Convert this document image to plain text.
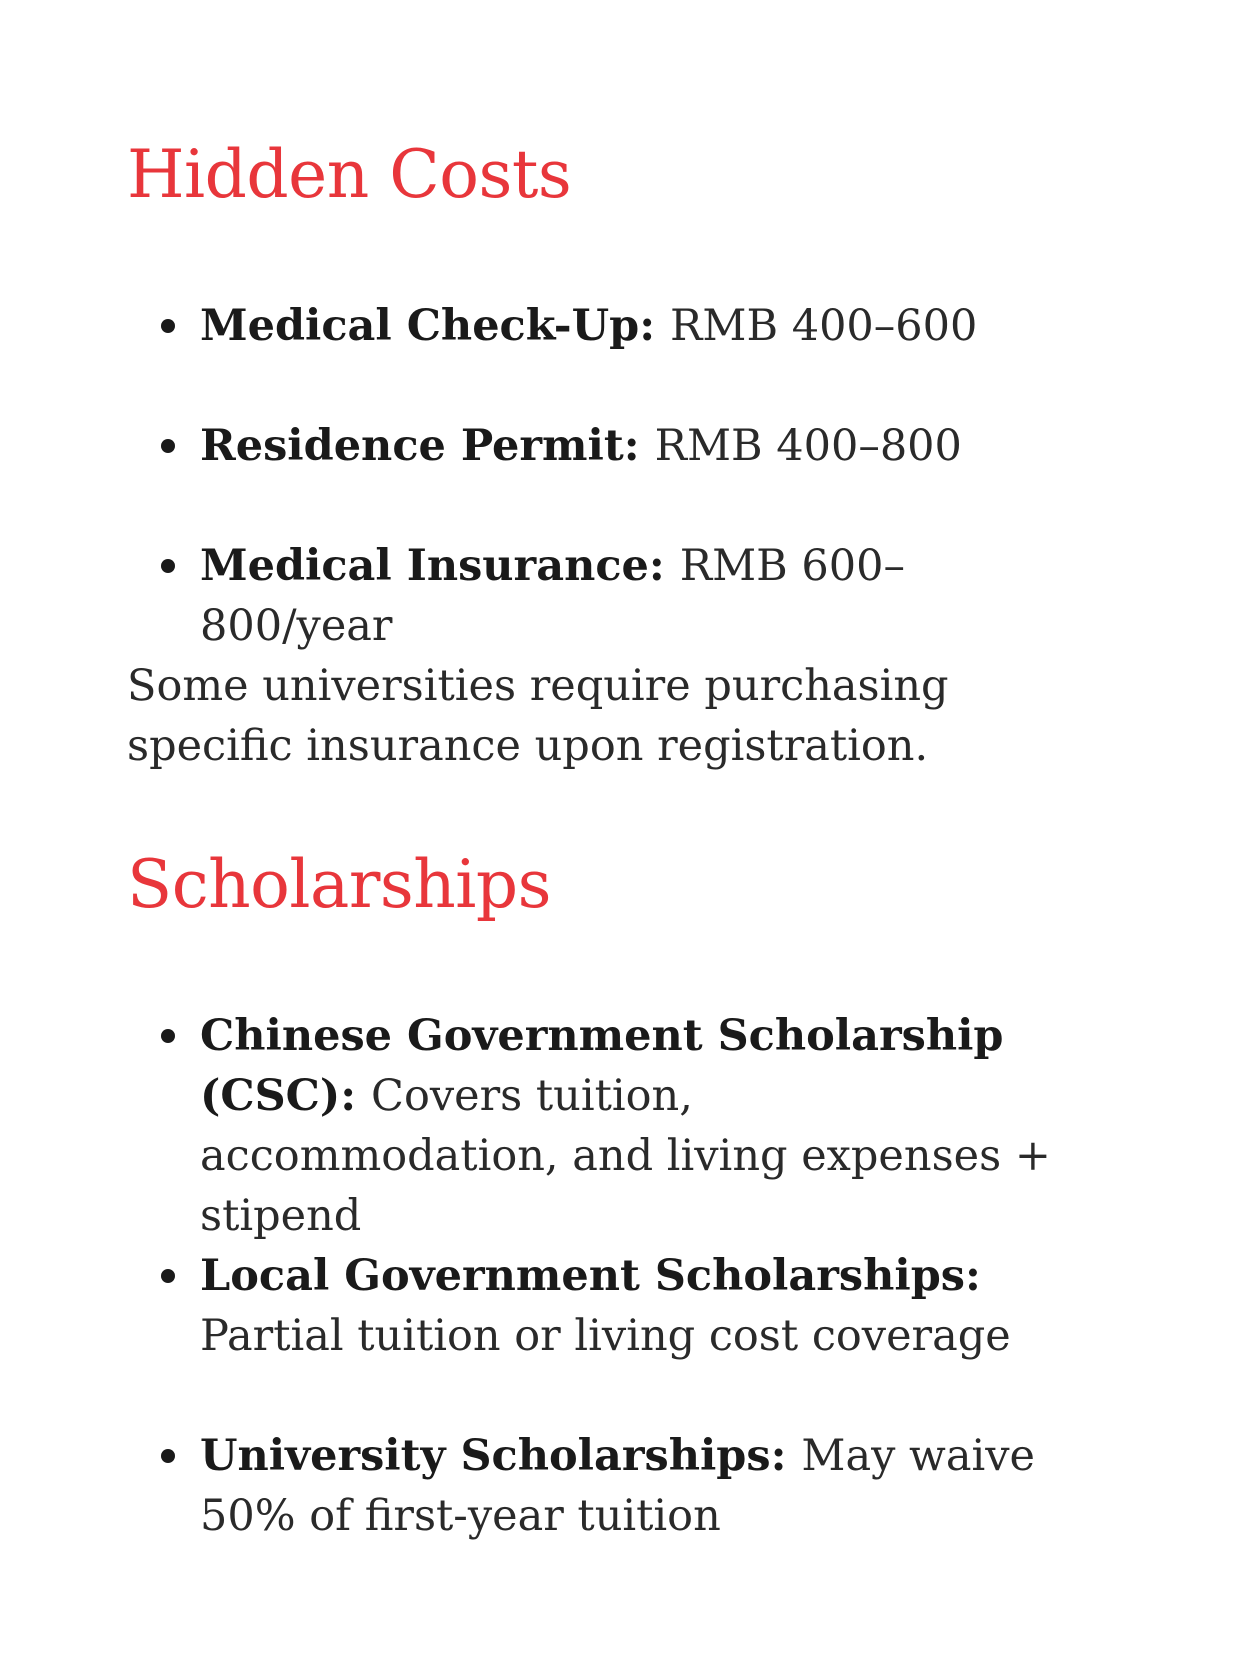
Hidden Costs
Medical Check-Up: RMB 400–600
Residence Permit: RMB 400–800
Medical Insurance: RMB 600–800/year

Some universities require purchasing specific insurance upon registration.

Scholarships
Chinese Government Scholarship (CSC): Covers tuition, accommodation, and living expenses + stipend
Local Government Scholarships: Partial tuition or living cost coverage
University Scholarships: May waive 50% of first-year tuition
